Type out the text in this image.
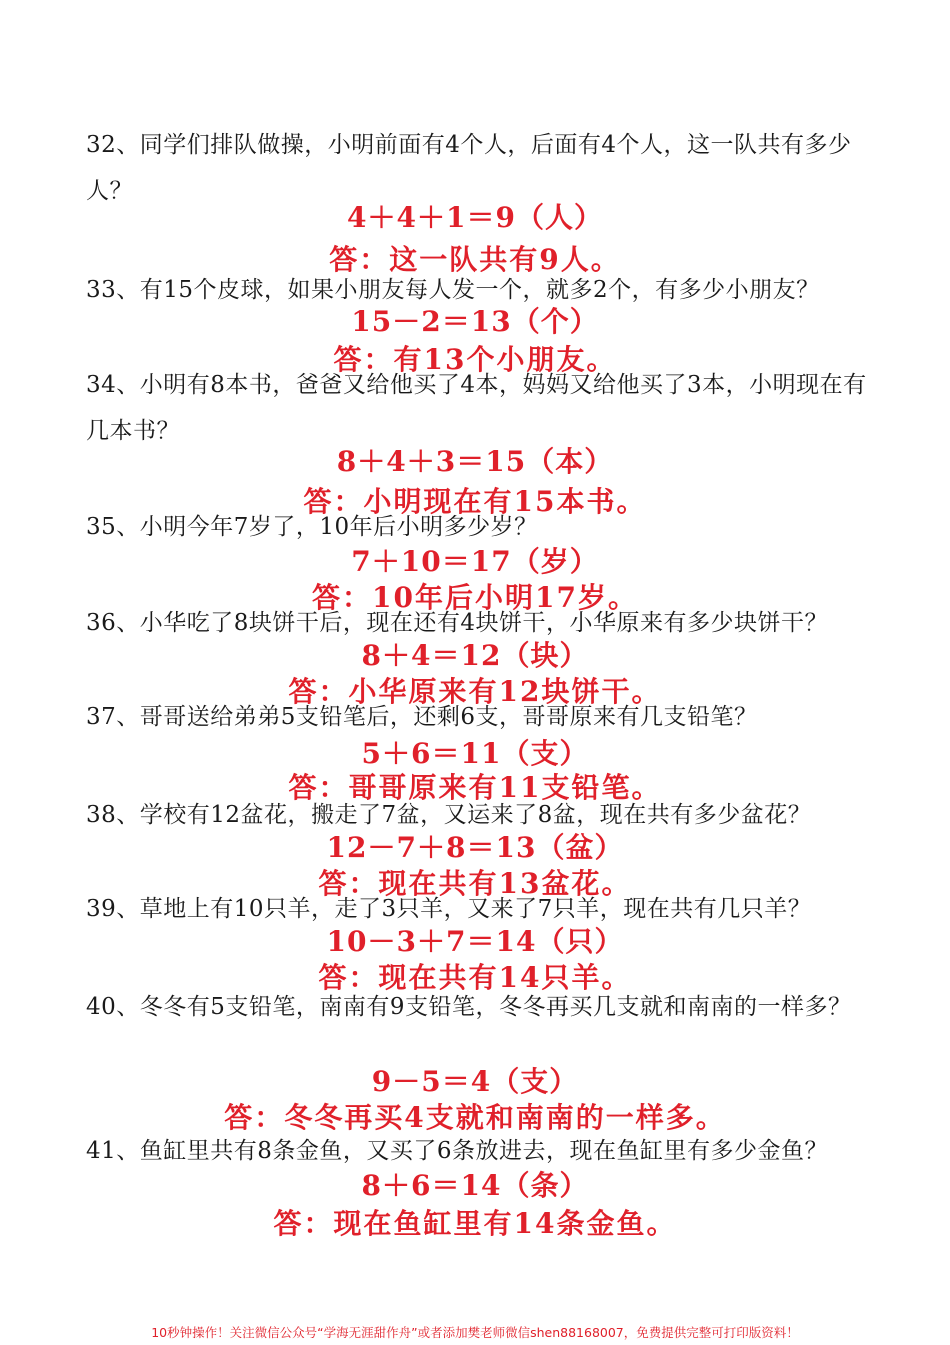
32、同学们排队做操，小明前面有4个人，后面有4个人，这一队共有多少人？

4＋4＋1＝9（人）

答：这一队共有9人。

33、有15个皮球，如果小朋友每人发一个，就多2个，有多少小朋友？

15－2＝13（个）

答：有13个小朋友。

34、小明有8本书，爸爸又给他买了4本，妈妈又给他买了3本，小明现在有几本书？

8＋4＋3＝15（本）

答：小明现在有15本书。

35、小明今年7岁了，10年后小明多少岁？

7＋10＝17（岁）

答：10年后小明17岁。

36、小华吃了8块饼干后，现在还有4块饼干，小华原来有多少块饼干？

8＋4＝12（块）

答：小华原来有12块饼干。

37、哥哥送给弟弟5支铅笔后，还剩6支，哥哥原来有几支铅笔？

5＋6＝11（支）

答：哥哥原来有11支铅笔。

38、学校有12盆花，搬走了7盆，又运来了8盆，现在共有多少盆花？

12－7＋8＝13（盆）

答：现在共有13盆花。

39、草地上有10只羊，走了3只羊，又来了7只羊，现在共有几只羊？

10－3＋7＝14（只）

答：现在共有14只羊。

40、冬冬有5支铅笔，南南有9支铅笔，冬冬再买几支就和南南的一样多？

9－5＝4（支）

答：冬冬再买4支就和南南的一样多。

41、鱼缸里共有8条金鱼，又买了6条放进去，现在鱼缸里有多少金鱼？

8＋6＝14（条）

答：现在鱼缸里有14条金鱼。

10秒钟操作！关注微信公众号“学海无涯甜作舟”或者添加樊老师微信shen88168007，免费提供完整可打印版资料！
